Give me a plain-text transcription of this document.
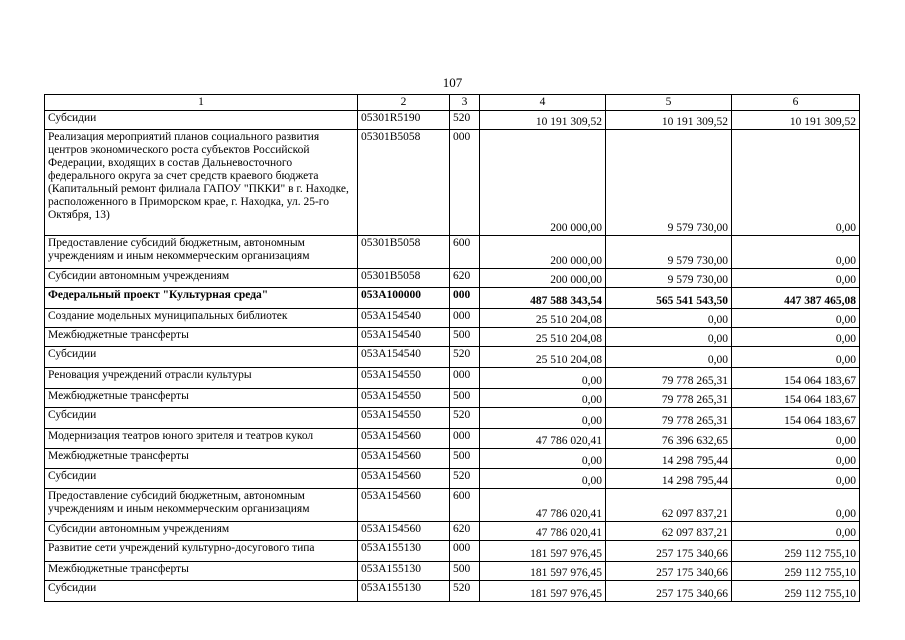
107
1	2	3	4	5	6
Субсидии	05301R5190	520	10 191 309,52	10 191 309,52	10 191 309,52
Реализация мероприятий планов социального развития центров экономического роста субъектов Российской Федерации, входящих в состав Дальневосточного федерального округа за счет средств краевого бюджета (Капитальный ремонт филиала ГАПОУ "ПККИ" в г. Находке, расположенного в Приморском крае, г. Находка, ул. 25-го Октября, 13)	05301B5058	000	200 000,00	9 579 730,00	0,00
Предоставление субсидий бюджетным, автономным учреждениям и иным некоммерческим организациям	05301B5058	600	200 000,00	9 579 730,00	0,00
Субсидии автономным учреждениям	05301B5058	620	200 000,00	9 579 730,00	0,00
Федеральный проект "Культурная среда"	053A100000	000	487 588 343,54	565 541 543,50	447 387 465,08
Создание модельных муниципальных библиотек	053A154540	000	25 510 204,08	0,00	0,00
Межбюджетные трансферты	053A154540	500	25 510 204,08	0,00	0,00
Субсидии	053A154540	520	25 510 204,08	0,00	0,00
Реновация учреждений отрасли культуры	053A154550	000	0,00	79 778 265,31	154 064 183,67
Межбюджетные трансферты	053A154550	500	0,00	79 778 265,31	154 064 183,67
Субсидии	053A154550	520	0,00	79 778 265,31	154 064 183,67
Модернизация театров юного зрителя и театров кукол	053A154560	000	47 786 020,41	76 396 632,65	0,00
Межбюджетные трансферты	053A154560	500	0,00	14 298 795,44	0,00
Субсидии	053A154560	520	0,00	14 298 795,44	0,00
Предоставление субсидий бюджетным, автономным учреждениям и иным некоммерческим организациям	053A154560	600	47 786 020,41	62 097 837,21	0,00
Субсидии автономным учреждениям	053A154560	620	47 786 020,41	62 097 837,21	0,00
Развитие сети учреждений культурно-досугового типа	053A155130	000	181 597 976,45	257 175 340,66	259 112 755,10
Межбюджетные трансферты	053A155130	500	181 597 976,45	257 175 340,66	259 112 755,10
Субсидии	053A155130	520	181 597 976,45	257 175 340,66	259 112 755,10
